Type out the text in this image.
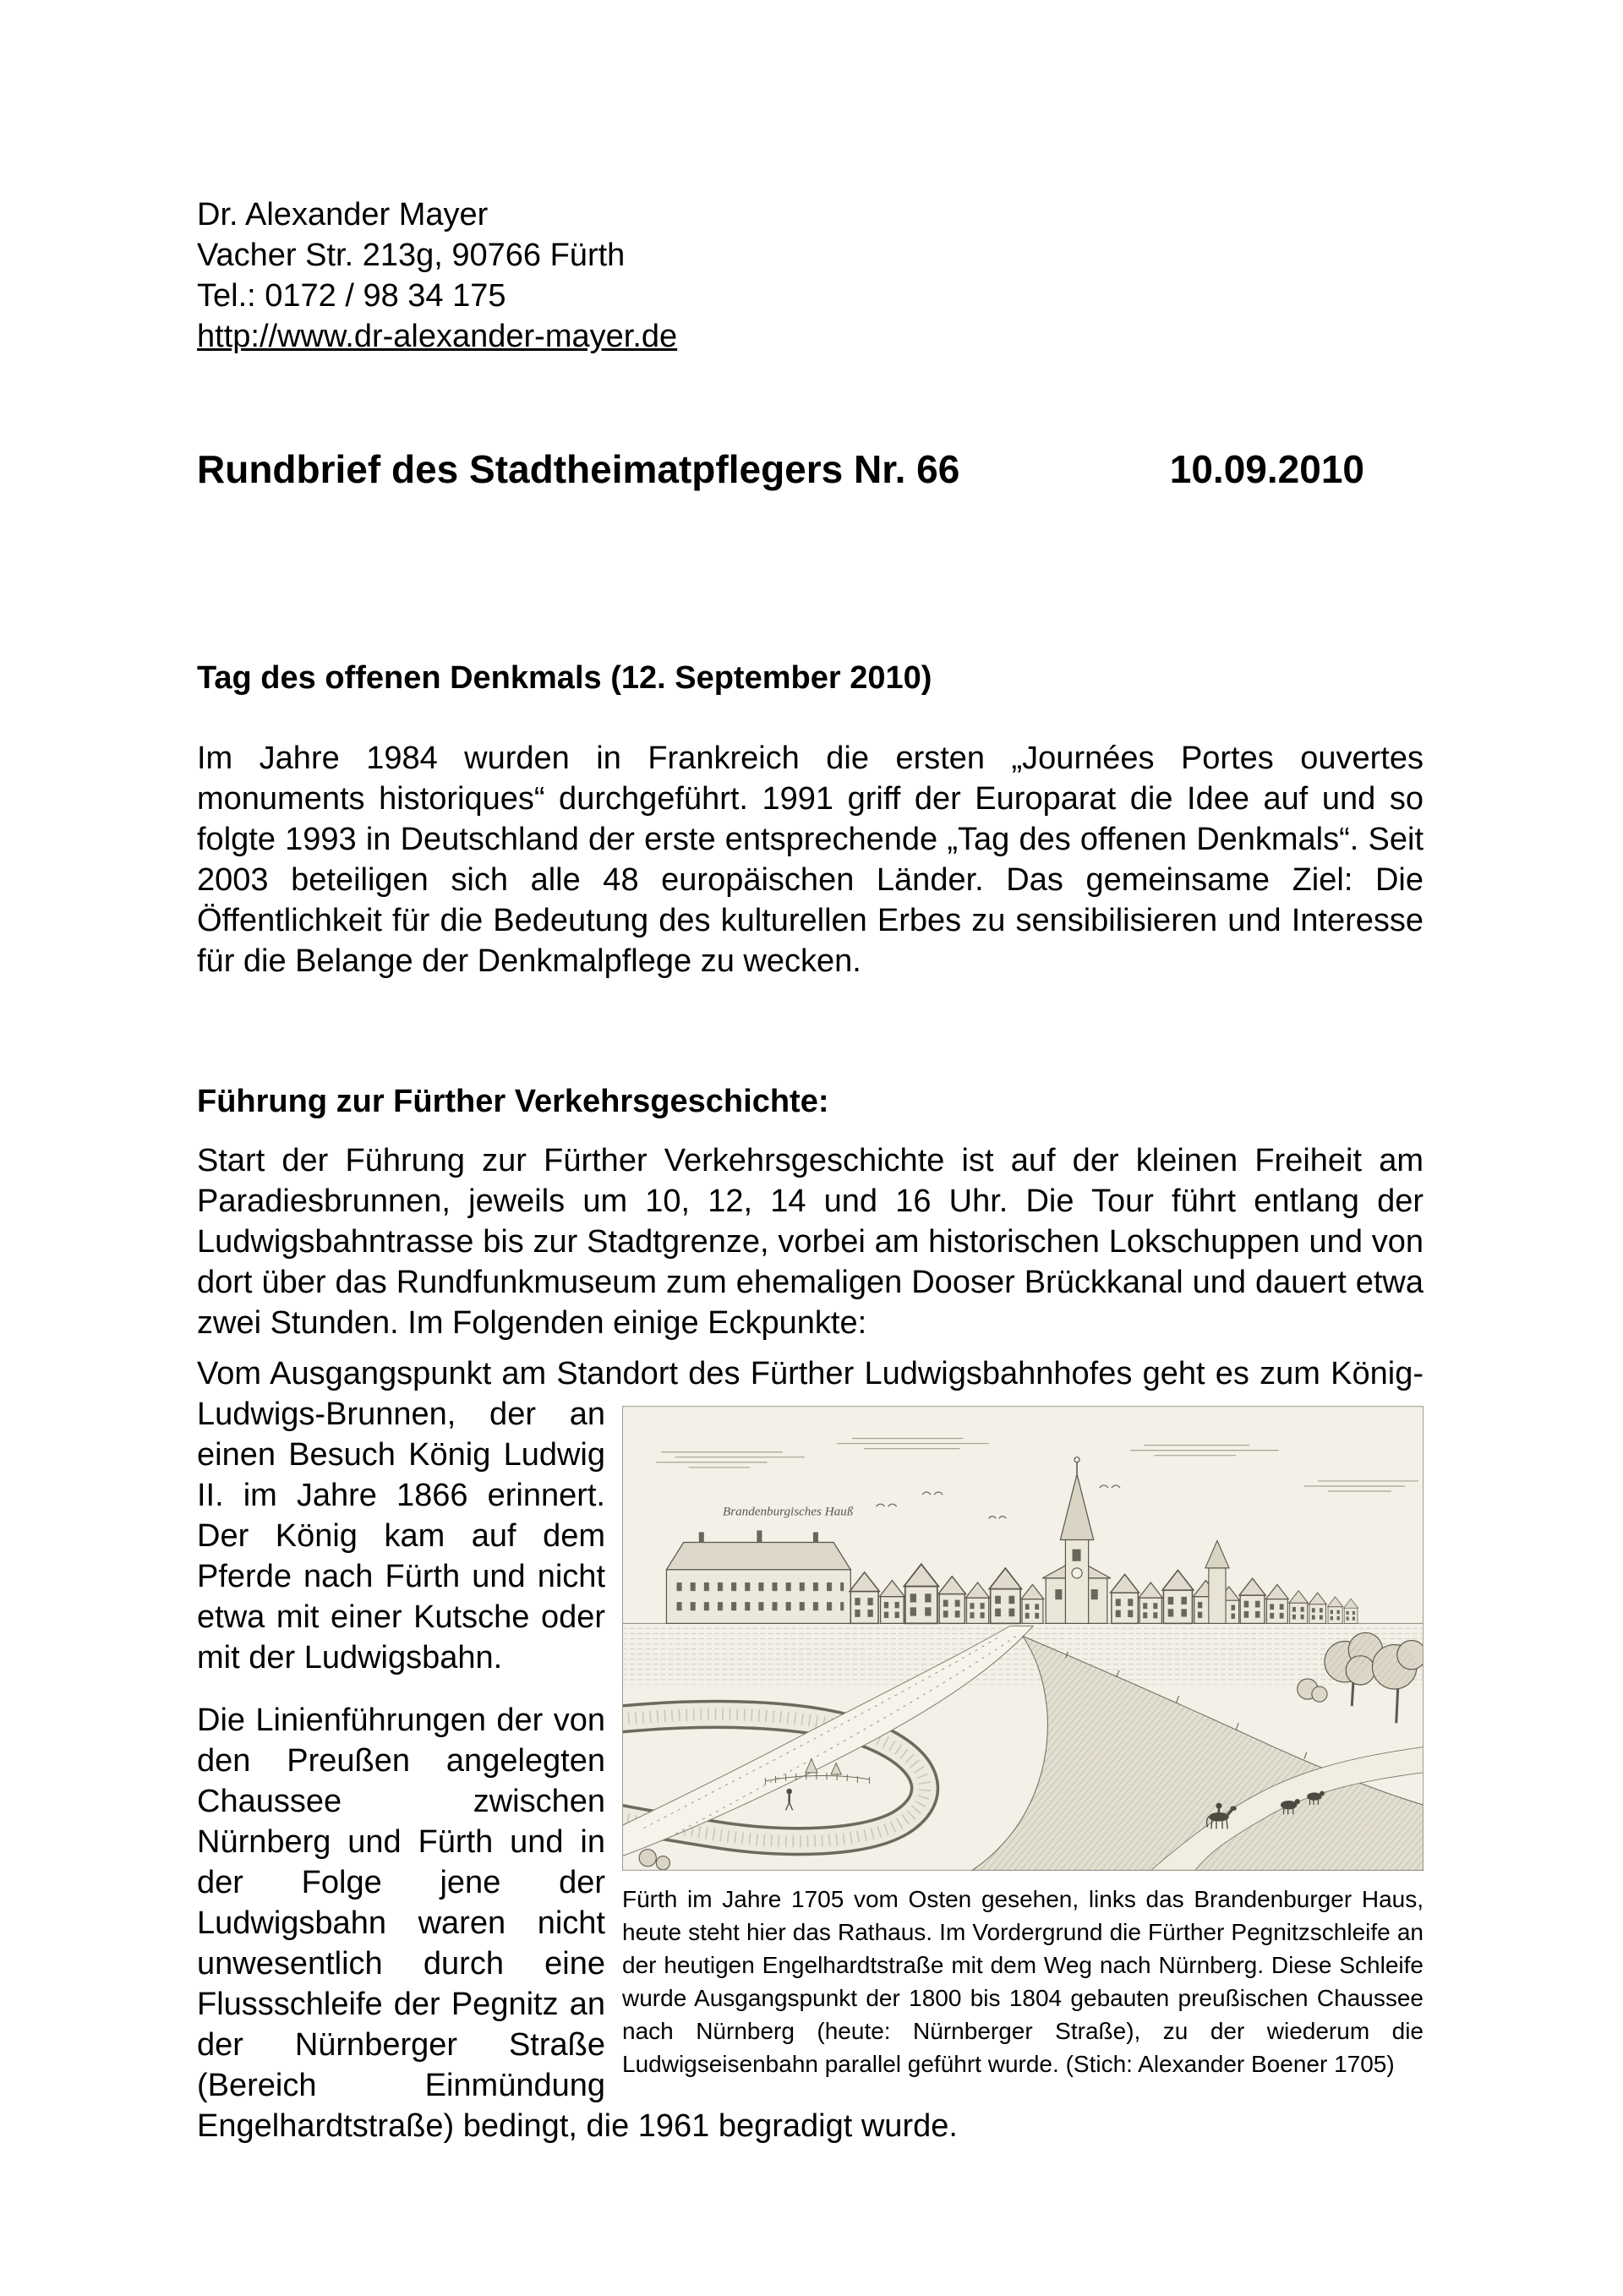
Dr. Alexander Mayer
Vacher Str. 213g, 90766 Fürth
Tel.: 0172 / 98 34 175
http://www.dr-alexander-mayer.de
Rundbrief des Stadtheimatpflegers Nr. 66	10.09.2010
Tag des offenen Denkmals (12. September 2010)

Im Jahre 1984 wurden in Frankreich die ersten „Journées Portes ouvertes monuments historiques“ durchgeführt. 1991 griff der Europarat die Idee auf und so folgte 1993 in Deutschland der erste entsprechende „Tag des offenen Denkmals“. Seit 2003 beteiligen sich alle 48 europäischen Länder. Das gemeinsame Ziel: Die Öffentlichkeit für die Bedeutung des kulturellen Erbes zu sensibilisieren und Interesse für die Belange der Denkmalpflege zu wecken.

Führung zur Fürther Verkehrsgeschichte:

Start der Führung zur Fürther Verkehrsgeschichte ist auf der kleinen Freiheit am Paradiesbrunnen, jeweils um 10, 12, 14 und 16 Uhr. Die Tour führt entlang der Ludwigsbahntrasse bis zur Stadtgrenze, vorbei am historischen Lokschuppen und von dort über das Rundfunkmuseum zum ehemaligen Dooser Brückkanal und dauert etwa zwei Stunden. Im Folgenden einige Eckpunkte:

Vom Ausgangspunkt am Standort des Fürther Ludwigsbahnhofes geht es zum
Brandenburgisches Hauß
Fürth im Jahre 1705 vom Osten gesehen, links das Brandenburger Haus, heute steht hier das Rathaus. Im Vordergrund die Fürther Pegnitzschleife an der heutigen Engelhardtstraße mit dem Weg nach Nürnberg. Diese Schleife wurde Ausgangspunkt der 1800 bis 1804 gebauten preußischen Chaussee nach Nürnberg (heute: Nürnberger Straße), zu der wiederum die Ludwigseisenbahn parallel geführt wurde. (Stich: Alexander Boener 1705)
König-Ludwigs-Brunnen, der an einen Besuch König Ludwig II. im Jahre 1866 erinnert. Der König kam auf dem Pferde nach Fürth und nicht etwa mit einer Kutsche oder mit der Ludwigsbahn.

Die Linienführungen der von den Preußen angelegten Chaussee zwischen Nürnberg und Fürth und in der Folge jene der Ludwigsbahn waren nicht unwesentlich durch eine Flussschleife der Pegnitz an der Nürnberger Straße (Bereich Einmündung Engelhardtstraße) bedingt, die 1961 begradigt wurde.
